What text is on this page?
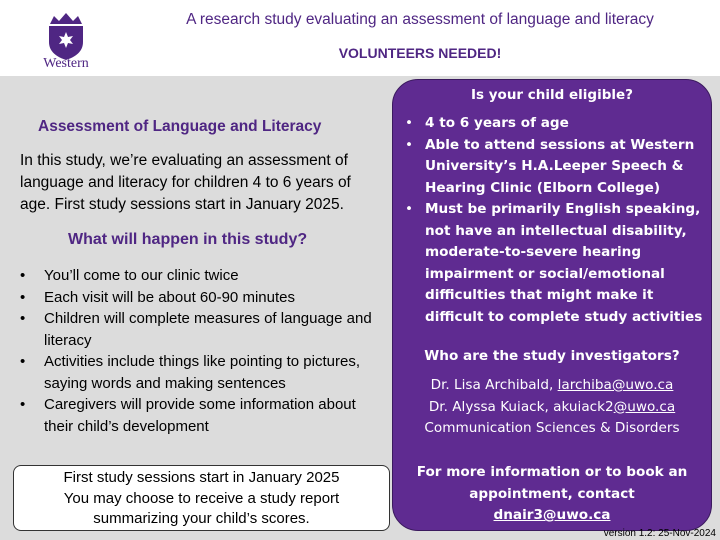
Western
A research study evaluating an assessment of language and literacy
VOLUNTEERS NEEDED!
Assessment of Language and Literacy
In this study, we’re evaluating an assessment of language and literacy for children 4 to 6 years of age. First study sessions start in January 2025.
What will happen in this study?
• You’ll come to our clinic twice
• Each visit will be about 60-90 minutes
• Children will complete measures of language and literacy
• Activities include things like pointing to pictures, saying words and making sentences
• Caregivers will provide some information about their child’s development
First study sessions start in January 2025
You may choose to receive a study report
summarizing your child’s scores.
Is your child eligible?
• 4 to 6 years of age
• Able to attend sessions at Western University’s H.A.Leeper Speech & Hearing Clinic (Elborn College)
• Must be primarily English speaking, not have an intellectual disability, moderate-to-severe hearing impairment or social/emotional difficulties that might make it difficult to complete study activities
Who are the study investigators?
Dr. Lisa Archibald, larchiba@uwo.ca
Dr. Alyssa Kuiack, akuiack2@uwo.ca
Communication Sciences & Disorders
For more information or to book an appointment, contact
dnair3@uwo.ca
version 1.2: 25-Nov-2024
